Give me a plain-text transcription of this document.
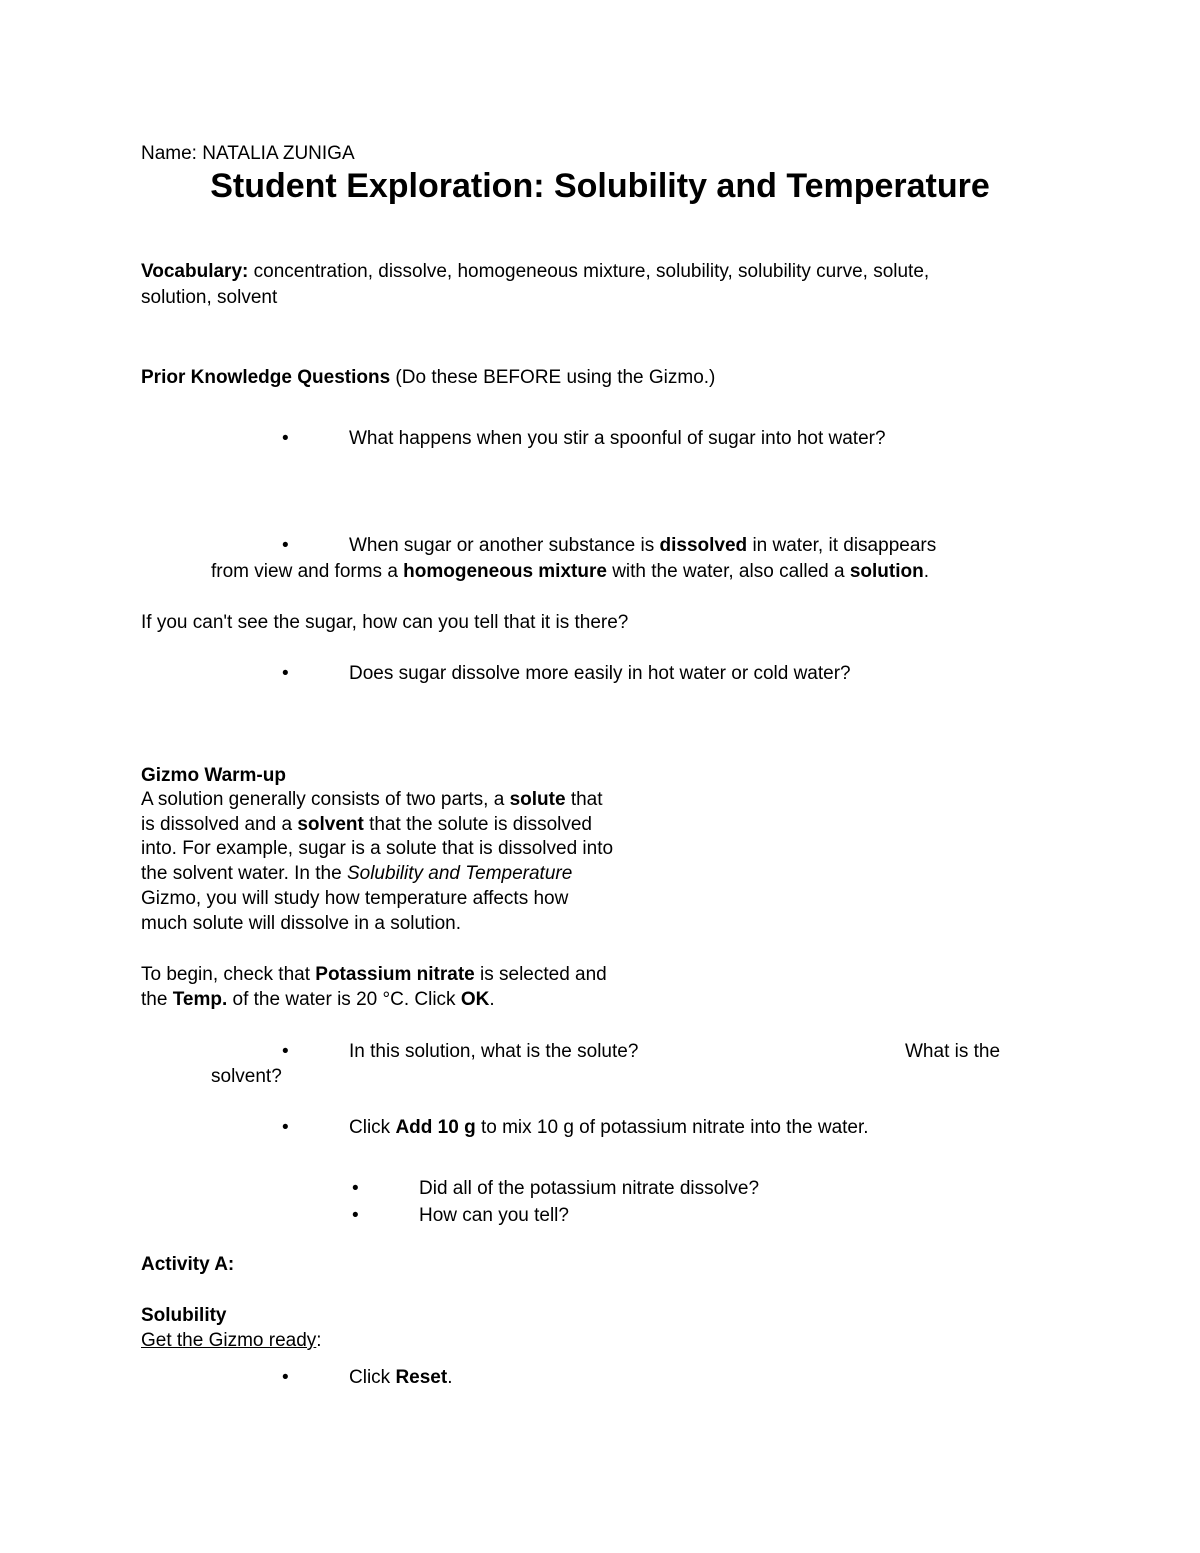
Name: NATALIA ZUNIGA
Student Exploration: Solubility and Temperature
Vocabulary: concentration, dissolve, homogeneous mixture, solubility, solubility curve, solute,
solution, solvent
Prior Knowledge Questions (Do these BEFORE using the Gizmo.)
•	What happens when you stir a spoonful of sugar into hot water?
•	When sugar or another substance is dissolved in water, it disappears
from view and forms a homogeneous mixture with the water, also called a solution.
If you can't see the sugar, how can you tell that it is there?
•	Does sugar dissolve more easily in hot water or cold water?
Gizmo Warm-up
A solution generally consists of two parts, a solute that
is dissolved and a solvent that the solute is dissolved
into. For example, sugar is a solute that is dissolved into
the solvent water. In the Solubility and Temperature
Gizmo, you will study how temperature affects how
much solute will dissolve in a solution.
To begin, check that Potassium nitrate is selected and
the Temp. of the water is 20 °C. Click OK.
•	In this solution, what is the solute?	What is the
solvent?
•	Click Add 10 g to mix 10 g of potassium nitrate into the water.
•	Did all of the potassium nitrate dissolve?
•	How can you tell?
Activity A:
Solubility
Get the Gizmo ready:
•	Click Reset.
